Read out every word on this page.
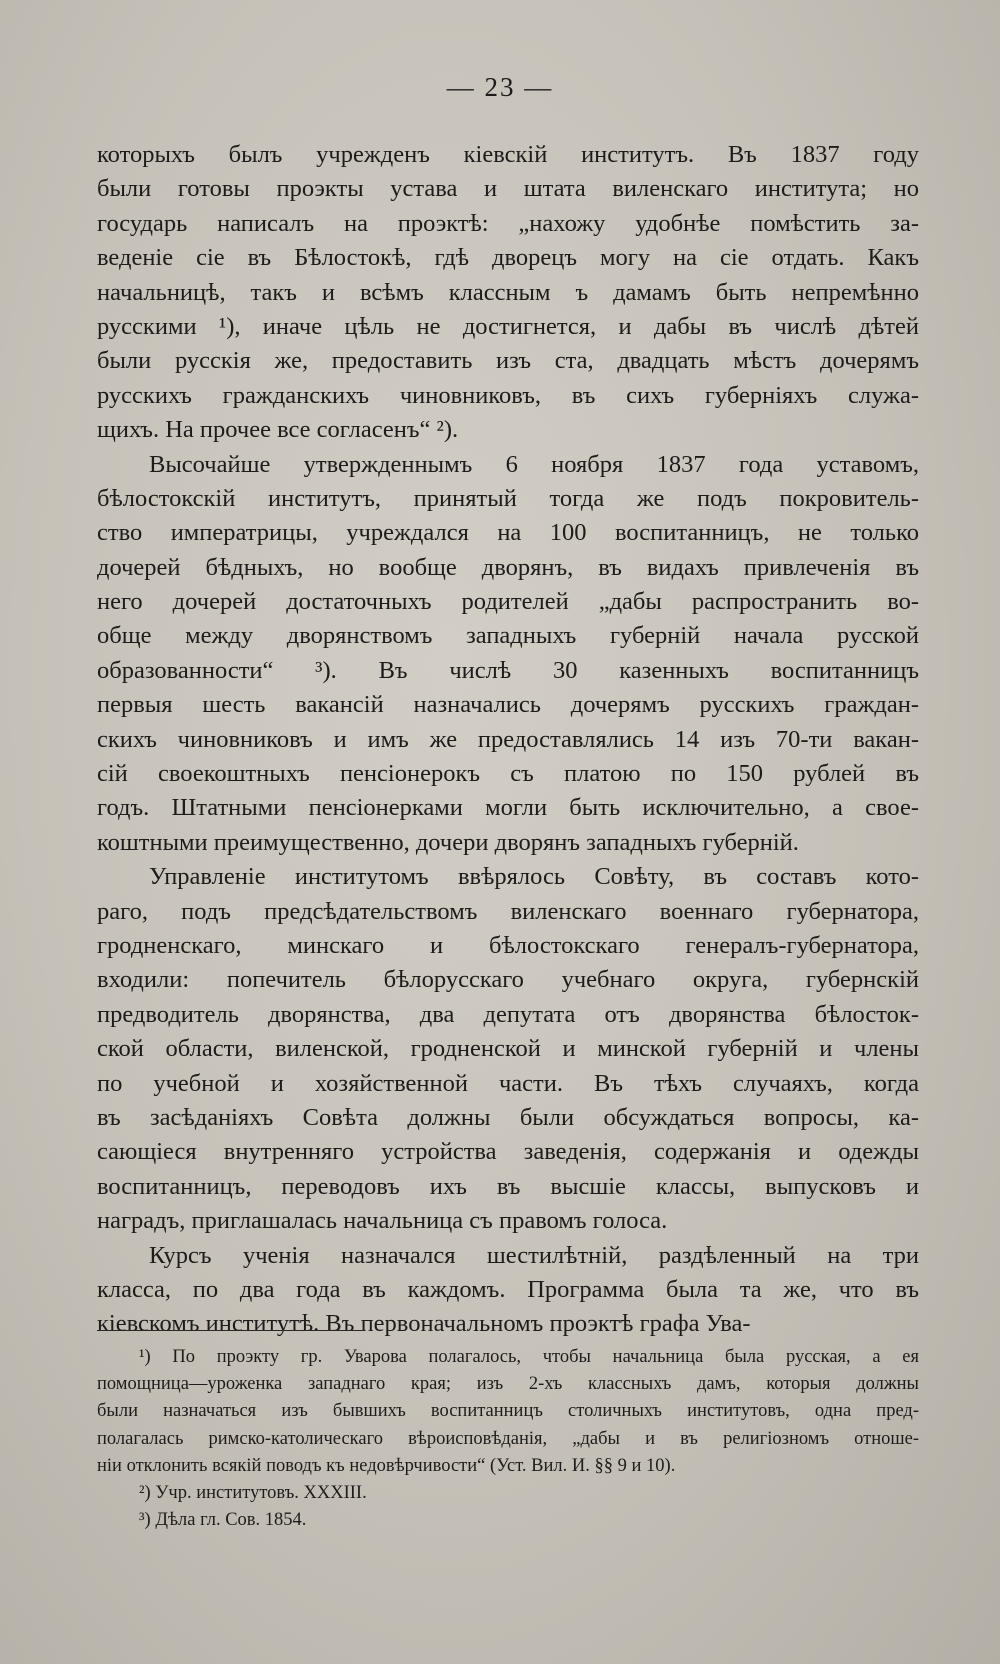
— 23 —
которыхъ былъ учрежденъ кіевскій институтъ. Въ 1837 году
были готовы проэкты устава и штата виленскаго института; но
государь написалъ на проэктѣ: „нахожу удобнѣе помѣстить за-
веденіе сіе въ Бѣлостокѣ, гдѣ дворецъ могу на сіе отдать. Какъ
начальницѣ, такъ и всѣмъ классным ъ дамамъ быть непремѣнно
русскими ¹), иначе цѣль не достигнется, и дабы въ числѣ дѣтей
были русскія же, предоставить изъ ста, двадцать мѣстъ дочерямъ
русскихъ гражданскихъ чиновниковъ, въ сихъ губерніяхъ служа-
щихъ. На прочее все согласенъ“ ²).
Высочайше утвержденнымъ 6 ноября 1837 года уставомъ,
бѣлостокскій институтъ, принятый тогда же подъ покровитель-
ство императрицы, учреждался на 100 воспитанницъ, не только
дочерей бѣдныхъ, но вообще дворянъ, въ видахъ привлеченія въ
него дочерей достаточныхъ родителей „дабы распространить во-
обще между дворянствомъ западныхъ губерній начала русской
образованности“ ³). Въ числѣ 30 казенныхъ воспитанницъ
первыя шесть вакансій назначались дочерямъ русскихъ граждан-
скихъ чиновниковъ и имъ же предоставлялись 14 изъ 70-ти вакан-
сій своекоштныхъ пенсіонерокъ съ платою по 150 рублей въ
годъ. Штатными пенсіонерками могли быть исключительно, а свое-
коштными преимущественно, дочери дворянъ западныхъ губерній.
Управленіе институтомъ ввѣрялось Совѣту, въ составъ кото-
раго, подъ предсѣдательствомъ виленскаго военнаго губернатора,
гродненскаго, минскаго и бѣлостокскаго генералъ-губернатора,
входили: попечитель бѣлорусскаго учебнаго округа, губернскій
предводитель дворянства, два депутата отъ дворянства бѣлосток-
ской области, виленской, гродненской и минской губерній и члены
по учебной и хозяйственной части. Въ тѣхъ случаяхъ, когда
въ засѣданіяхъ Совѣта должны были обсуждаться вопросы, ка-
сающіеся внутренняго устройства заведенія, содержанія и одежды
воспитанницъ, переводовъ ихъ въ высшіе классы, выпусковъ и
наградъ, приглашалась начальница съ правомъ голоса.
Курсъ ученія назначался шестилѣтній, раздѣленный на три
класса, по два года въ каждомъ. Программа была та же, что въ
кіевскомъ институтѣ. Въ первоначальномъ проэктѣ графа Ува-
¹) По проэкту гр. Уварова полагалось, чтобы начальница была русская, а ея
помощница—уроженка западнаго края; изъ 2-хъ классныхъ дамъ, которыя должны
были назначаться изъ бывшихъ воспитанницъ столичныхъ институтовъ, одна пред-
полагалась римско-католическаго вѣроисповѣданія, „дабы и въ религіозномъ отноше-
ніи отклонить всякій поводъ къ недовѣрчивости“ (Уст. Вил. И. §§ 9 и 10).
²) Учр. институтовъ. XXXIII.
³) Дѣла гл. Сов. 1854.
